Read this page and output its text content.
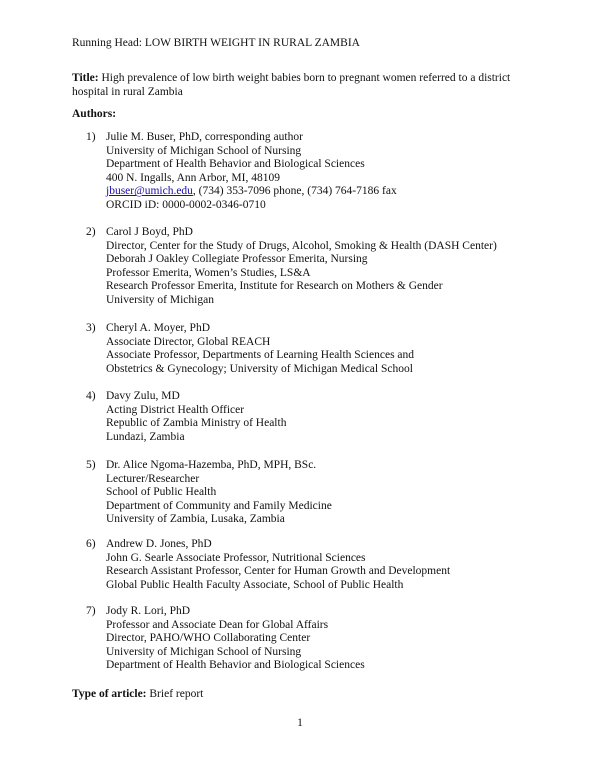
Running Head: LOW BIRTH WEIGHT IN RURAL ZAMBIA
Title: High prevalence of low birth weight babies born to pregnant women referred to a district hospital in rural Zambia
Authors:
1) Julie M. Buser, PhD, corresponding author
University of Michigan School of Nursing
Department of Health Behavior and Biological Sciences
400 N. Ingalls, Ann Arbor, MI, 48109
jbuser@umich.edu, (734) 353-7096 phone, (734) 764-7186 fax
ORCID iD: 0000-0002-0346-0710
2) Carol J Boyd, PhD
Director, Center for the Study of Drugs, Alcohol, Smoking & Health (DASH Center)
Deborah J Oakley Collegiate Professor Emerita, Nursing
Professor Emerita, Women’s Studies, LS&A
Research Professor Emerita, Institute for Research on Mothers & Gender
University of Michigan
3) Cheryl A. Moyer, PhD
Associate Director, Global REACH
Associate Professor, Departments of Learning Health Sciences and
Obstetrics & Gynecology; University of Michigan Medical School
4) Davy Zulu, MD
Acting District Health Officer
Republic of Zambia Ministry of Health
Lundazi, Zambia
5) Dr. Alice Ngoma-Hazemba, PhD, MPH, BSc.
Lecturer/Researcher
School of Public Health
Department of Community and Family Medicine
University of Zambia, Lusaka, Zambia
6) Andrew D. Jones, PhD
John G. Searle Associate Professor, Nutritional Sciences
Research Assistant Professor, Center for Human Growth and Development
Global Public Health Faculty Associate, School of Public Health
7) Jody R. Lori, PhD
Professor and Associate Dean for Global Affairs
Director, PAHO/WHO Collaborating Center
University of Michigan School of Nursing
Department of Health Behavior and Biological Sciences
Type of article: Brief report
1
